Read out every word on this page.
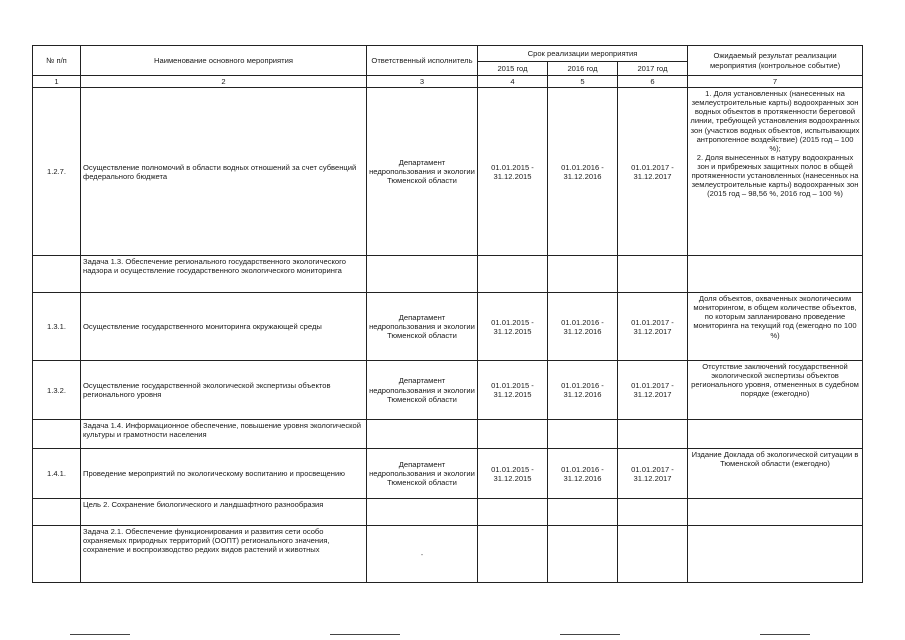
№ п/п	Наименование основного мероприятия	Ответственный исполнитель	Срок реализации мероприятия			Ожидаемый результат реализации мероприятия (контрольное событие)
			2015 год	2016 год	2017 год	
1	2	3	4	5	6	7
1.2.7.	Осуществление полномочий в области водных отношений за счет субвенций федерального бюджета	Департамент недропользования и экологии Тюменской области	01.01.2015 -
31.12.2015	01.01.2016 -
31.12.2016	01.01.2017 -
31.12.2017	1. Доля установленных (нанесенных на землеустроительные карты) водоохранных зон водных объектов в протяженности береговой линии, требующей установления водоохранных зон (участков водных объектов, испытывающих антропогенное воздействие) (2015 год – 100 %);
2. Доля вынесенных в натуру водоохранных зон и прибрежных защитных полос в общей протяженности установленных (нанесенных на землеустроительные карты) водоохранных зон (2015 год – 98,56 %, 2016 год – 100 %)
	Задача 1.3. Обеспечение регионального государственного экологического надзора и осуществление государственного экологического мониторинга					
1.3.1.	Осуществление государственного мониторинга окружающей среды	Департамент недропользования и экологии Тюменской области	01.01.2015 -
31.12.2015	01.01.2016 -
31.12.2016	01.01.2017 -
31.12.2017	Доля объектов, охваченных экологическим мониторингом, в общем количестве объектов, по которым запланировано проведение мониторинга на текущий год (ежегодно по 100 %)
1.3.2.	Осуществление государственной экологической экспертизы объектов регионального уровня	Департамент недропользования и экологии Тюменской области	01.01.2015 -
31.12.2015	01.01.2016 -
31.12.2016	01.01.2017 -
31.12.2017	Отсутствие заключений государственной экологической экспертизы объектов регионального уровня, отмененных в судебном порядке (ежегодно)
	Задача 1.4. Информационное обеспечение, повышение уровня экологической культуры и грамотности населения					
1.4.1.	Проведение мероприятий по экологическому воспитанию и просвещению	Департамент недропользования и экологии Тюменской области	01.01.2015 -
31.12.2015	01.01.2016 -
31.12.2016	01.01.2017 -
31.12.2017	Издание Доклада об экологической ситуации в Тюменской области (ежегодно)
	Цель 2. Сохранение биологического и ландшафтного разнообразия					
	Задача 2.1. Обеспечение функционирования и развития сети особо охраняемых природных территорий (ООПТ) регионального значения, сохранение и воспроизводство редких видов растений и животных	-				
